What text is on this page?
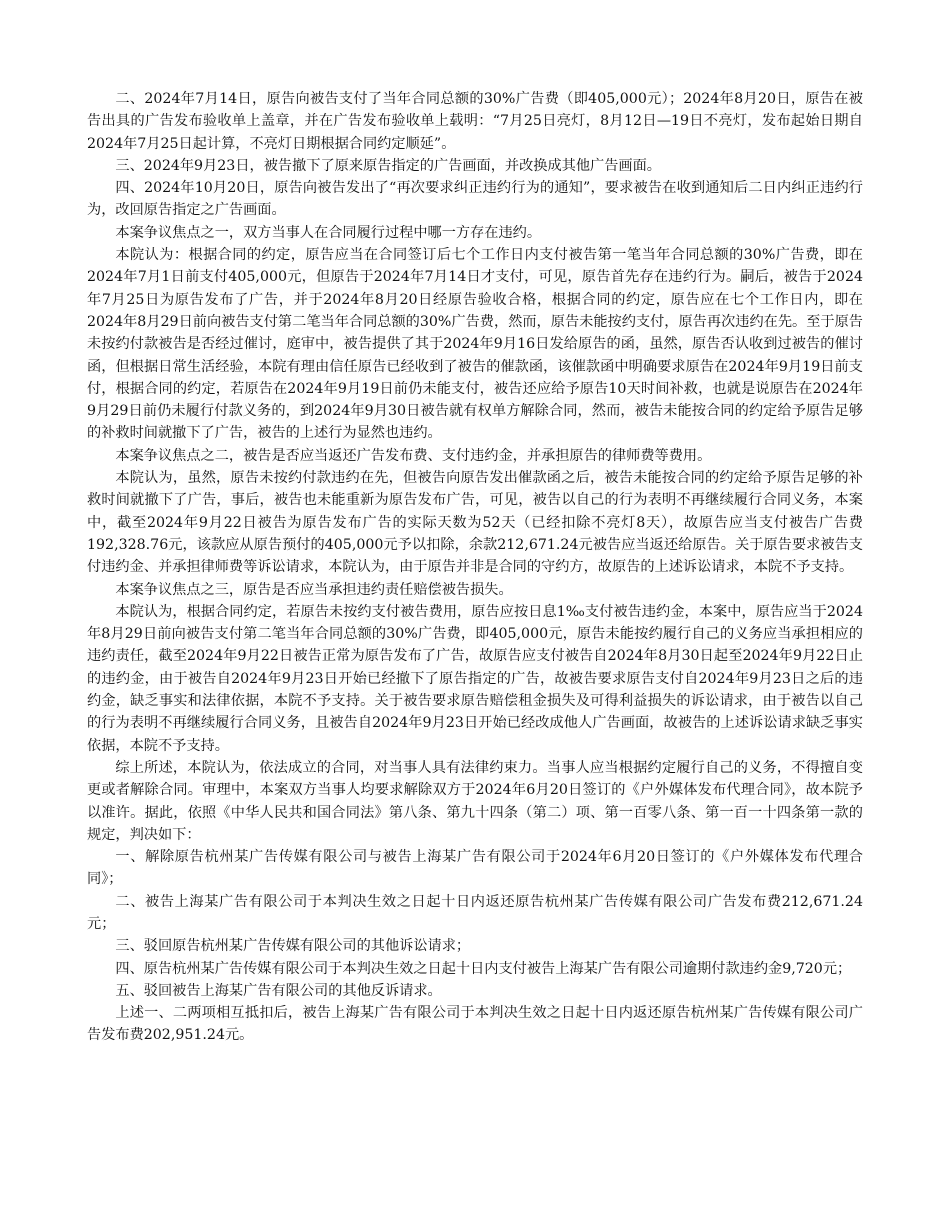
二、2024年7月14日，原告向被告支付了当年合同总额的30%广告费（即405,000元）；2024年8月20日，原告在被告出具的广告发布验收单上盖章，并在广告发布验收单上载明：“7月25日亮灯，8月12日—19日不亮灯，发布起始日期自2024年7月25日起计算，不亮灯日期根据合同约定顺延”。

三、2024年9月23日，被告撤下了原来原告指定的广告画面，并改换成其他广告画面。

四、2024年10月20日，原告向被告发出了“再次要求纠正违约行为的通知”，要求被告在收到通知后二日内纠正违约行为，改回原告指定之广告画面。

本案争议焦点之一，双方当事人在合同履行过程中哪一方存在违约。

本院认为：根据合同的约定，原告应当在合同签订后七个工作日内支付被告第一笔当年合同总额的30%广告费，即在2024年7月1日前支付405,000元，但原告于2024年7月14日才支付，可见，原告首先存在违约行为。嗣后，被告于2024年7月25日为原告发布了广告，并于2024年8月20日经原告验收合格，根据合同的约定，原告应在七个工作日内，即在2024年8月29日前向被告支付第二笔当年合同总额的30%广告费，然而，原告未能按约支付，原告再次违约在先。至于原告未按约付款被告是否经过催讨，庭审中，被告提供了其于2024年9月16日发给原告的函，虽然，原告否认收到过被告的催讨函，但根据日常生活经验，本院有理由信任原告已经收到了被告的催款函，该催款函中明确要求原告在2024年9月19日前支付，根据合同的约定，若原告在2024年9月19日前仍未能支付，被告还应给予原告10天时间补救，也就是说原告在2024年9月29日前仍未履行付款义务的，到2024年9月30日被告就有权单方解除合同，然而，被告未能按合同的约定给予原告足够的补救时间就撤下了广告，被告的上述行为显然也违约。

本案争议焦点之二，被告是否应当返还广告发布费、支付违约金，并承担原告的律师费等费用。

本院认为，虽然，原告未按约付款违约在先，但被告向原告发出催款函之后，被告未能按合同的约定给予原告足够的补救时间就撤下了广告，事后，被告也未能重新为原告发布广告，可见，被告以自己的行为表明不再继续履行合同义务，本案中，截至2024年9月22日被告为原告发布广告的实际天数为52天（已经扣除不亮灯8天），故原告应当支付被告广告费192,328.76元，该款应从原告预付的405,000元予以扣除，余款212,671.24元被告应当返还给原告。关于原告要求被告支付违约金、并承担律师费等诉讼请求，本院认为，由于原告并非是合同的守约方，故原告的上述诉讼请求，本院不予支持。

本案争议焦点之三，原告是否应当承担违约责任赔偿被告损失。

本院认为，根据合同约定，若原告未按约支付被告费用，原告应按日息1‰支付被告违约金，本案中，原告应当于2024年8月29日前向被告支付第二笔当年合同总额的30%广告费，即405,000元，原告未能按约履行自己的义务应当承担相应的违约责任，截至2024年9月22日被告正常为原告发布了广告，故原告应支付被告自2024年8月30日起至2024年9月22日止的违约金，由于被告自2024年9月23日开始已经撤下了原告指定的广告，故被告要求原告支付自2024年9月23日之后的违约金，缺乏事实和法律依据，本院不予支持。关于被告要求原告赔偿租金损失及可得利益损失的诉讼请求，由于被告以自己的行为表明不再继续履行合同义务，且被告自2024年9月23日开始已经改成他人广告画面，故被告的上述诉讼请求缺乏事实依据，本院不予支持。

综上所述，本院认为，依法成立的合同，对当事人具有法律约束力。当事人应当根据约定履行自己的义务，不得擅自变更或者解除合同。审理中，本案双方当事人均要求解除双方于2024年6月20日签订的《户外媒体发布代理合同》，故本院予以准许。据此，依照《中华人民共和国合同法》第八条、第九十四条（第二）项、第一百零八条、第一百一十四条第一款的规定，判决如下：

一、解除原告杭州某广告传媒有限公司与被告上海某广告有限公司于2024年6月20日签订的《户外媒体发布代理合同》；

二、被告上海某广告有限公司于本判决生效之日起十日内返还原告杭州某广告传媒有限公司广告发布费212,671.24元；

三、驳回原告杭州某广告传媒有限公司的其他诉讼请求；

四、原告杭州某广告传媒有限公司于本判决生效之日起十日内支付被告上海某广告有限公司逾期付款违约金9,720元；

五、驳回被告上海某广告有限公司的其他反诉请求。

上述一、二两项相互抵扣后，被告上海某广告有限公司于本判决生效之日起十日内返还原告杭州某广告传媒有限公司广告发布费202,951.24元。
